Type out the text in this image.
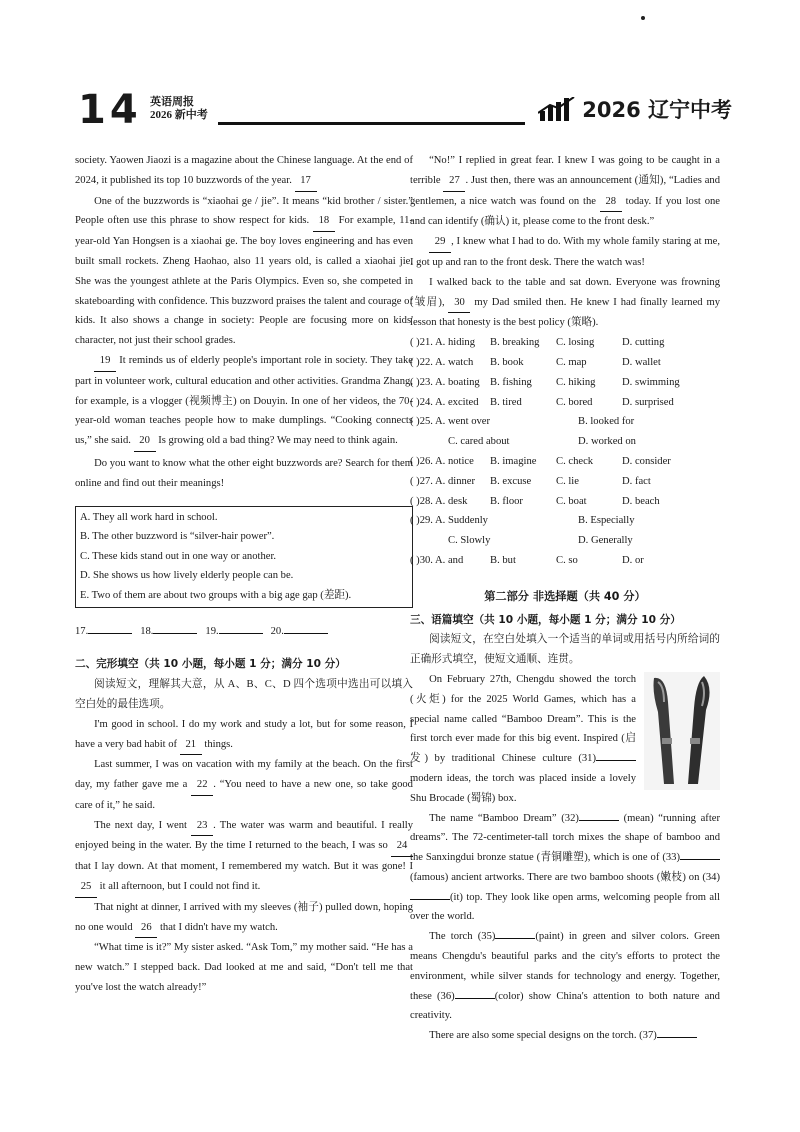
14 英语周报
2026 新中考	2026 辽宁中考

society. Yaowen Jiaozi is a magazine about the Chinese language. At the end of 2024, it published its top 10 buzzwords of the year. 17

One of the buzzwords is “xiaohai ge / jie”. It means “kid brother / sister.” People often use this phrase to show respect for kids. 18 For example, 11-year-old Yan Hongsen is a xiaohai ge. The boy loves engineering and has even built small rockets. Zheng Haohao, also 11 years old, is called a xiaohai jie. She was the youngest athlete at the Paris Olympics. Even so, she competed in skateboarding with confidence. This buzzword praises the talent and courage of kids. It also shows a change in society: People are focusing more on kids' character, not just their school grades.

19 It reminds us of elderly people's important role in society. They take part in volunteer work, cultural education and other activities. Grandma Zhang, for example, is a vlogger (视频博主) on Douyin. In one of her videos, the 70-year-old woman teaches people how to make dumplings. “Cooking connects us,” she said. 20 Is growing old a bad thing? We may need to think again.

Do you want to know what the other eight buzzwords are? Search for them online and find out their meanings!

A. They all work hard in school.
B. The other buzzword is “silver-hair power”.
C. These kids stand out in one way or another.
D. She shows us how lively elderly people can be.
E. Two of them are about two groups with a big age gap (差距).
17.	18.	19.	20.
二、完形填空（共 10 小题，每小题 1 分；满分 10 分）

阅读短文，理解其大意，从 A、B、C、D 四个选项中选出可以填入空白处的最佳选项。

I'm good in school. I do my work and study a lot, but for some reason, I have a very bad habit of 21 things.

Last summer, I was on vacation with my family at the beach. On the first day, my father gave me a 22 . “You need to have a new one, so take good care of it,” he said.

The next day, I went 23 . The water was warm and beautiful. I really enjoyed being in the water. By the time I returned to the beach, I was so 24 that I lay down. At that moment, I remembered my watch. But it was gone! I 25 it all afternoon, but I could not find it.

That night at dinner, I arrived with my sleeves (袖子) pulled down, hoping no one would 26 that I didn't have my watch.

“What time is it?” My sister asked. “Ask Tom,” my mother said. “He has a new watch.” I stepped back. Dad looked at me and said, “Don't tell me that you've lost the watch already!”

“No!” I replied in great fear. I knew I was going to be caught in a terrible 27 . Just then, there was an announcement (通知), “Ladies and gentlemen, a nice watch was found on the 28 today. If you lost one and can identify (确认) it, please come to the front desk.”

29 , I knew what I had to do. With my whole family staring at me, I got up and ran to the front desk. There the watch was!

I walked back to the table and sat down. Everyone was frowning (皱眉), 30 my Dad smiled then. He knew I had finally learned my lesson that honesty is the best policy (策略).

( )21. A. hiding	B. breaking	C. losing	D. cutting
( )22. A. watch	B. book	C. map	D. wallet
( )23. A. boating B. fishing	C. hiking	D. swimming
( )24. A. excited	B. tired	C. bored	D. surprised
( )25. A. went over	B. looked for
C. cared about	D. worked on
( )26. A. notice	B. imagine	C. check	D. consider
( )27. A. dinner	B. excuse	C. lie	D. fact
( )28. A. desk	B. floor	C. boat	D. beach
( )29. A. Suddenly	B. Especially
C. Slowly	D. Generally
( )30. A. and	B. but	C. so	D. or
第二部分 非选择题（共 40 分）
三、语篇填空（共 10 小题，每小题 1 分；满分 10 分）

阅读短文，在空白处填入一个适当的单词或用括号内所给词的正确形式填空，使短文通顺、连贯。

On February 27th, Chengdu showed the torch (火炬) for the 2025 World Games, which has a special name called “Bamboo Dream”. This is the first torch ever made for this big event. Inspired (启发) by traditional Chinese culture (31) modern ideas, the torch was placed inside a lovely Shu Brocade (蜀锦) box.

The name “Bamboo Dream” (32)	(mean) “running after dreams”. The 72-centimeter-tall torch mixes the shape of bamboo and the Sanxingdui bronze statue (青铜雕塑), which is one of (33)(famous) ancient artworks. There are two bamboo shoots (嫩枝) on (34)(it) top. They look like open arms, welcoming people from all over the world.

The torch (35)	(paint) in green and silver colors. Green means Chengdu's beautiful parks and the city's efforts to protect the environment, while silver stands for technology and energy. Together, these (36)	(color) show China's attention to both nature and creativity.

There are also some special designs on the torch. (37)
